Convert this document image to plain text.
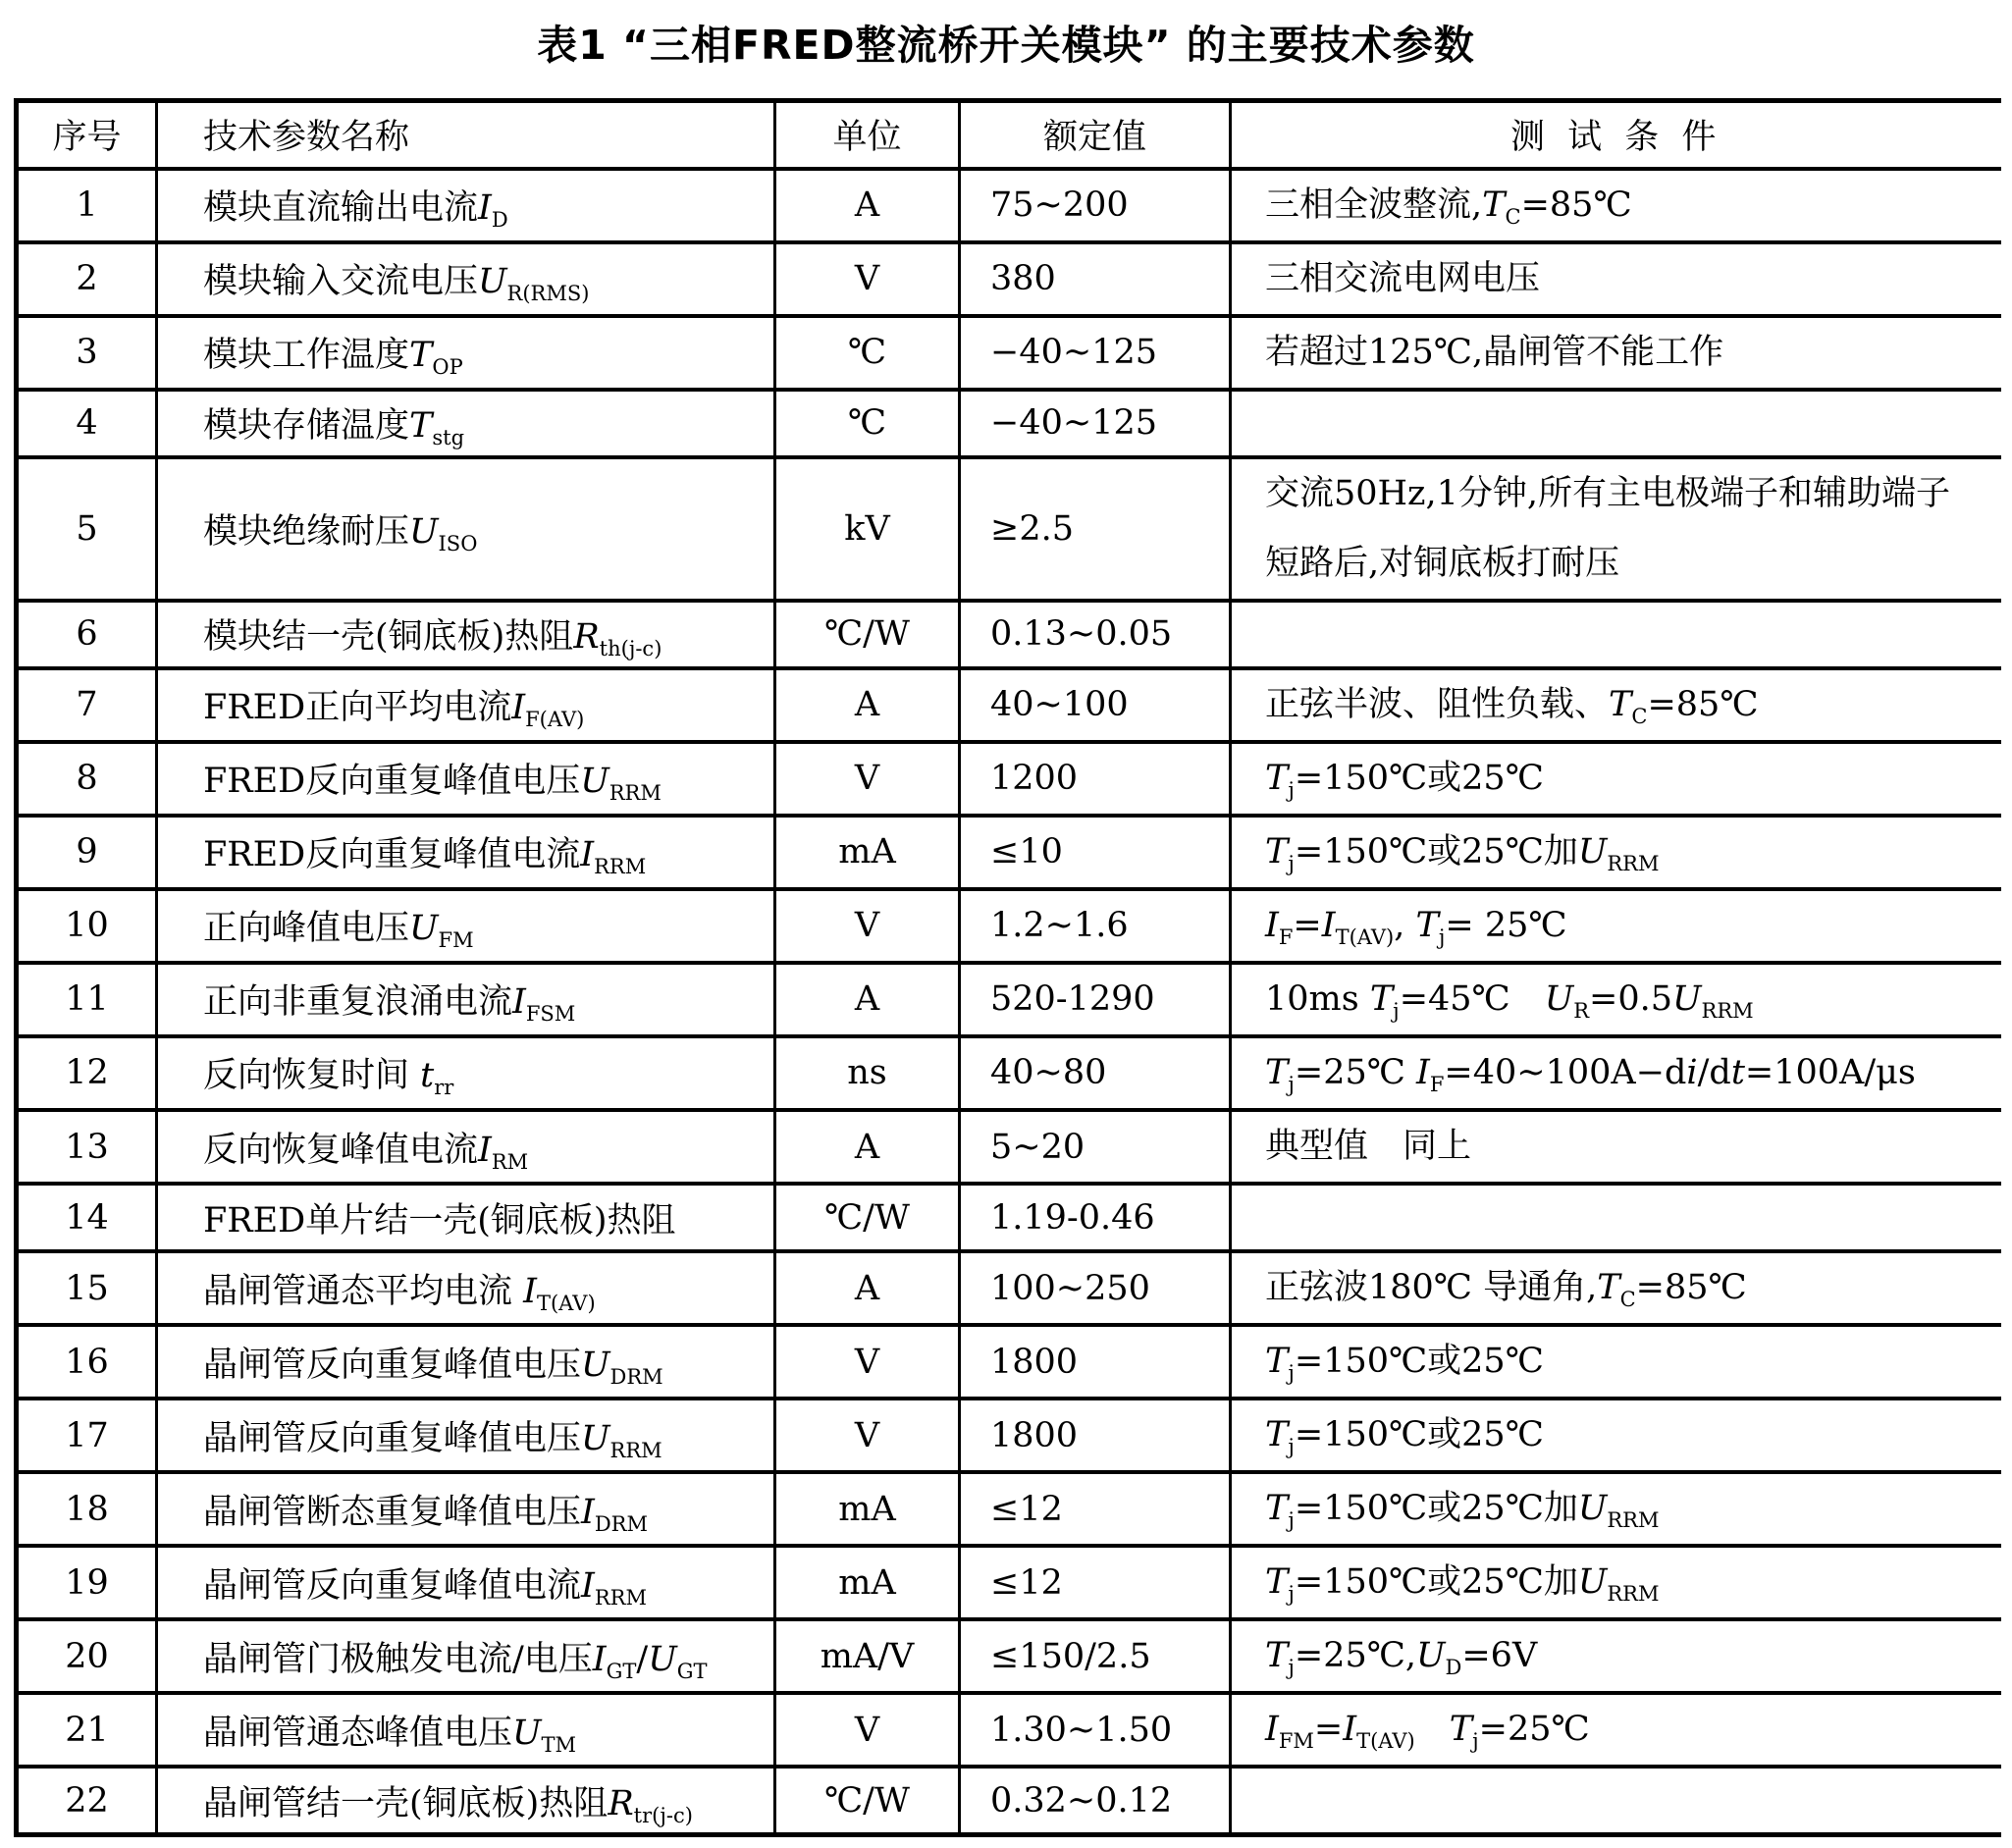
表1 “三相FRED整流桥开关模块” 的主要技术参数
序号	技术参数名称	单位	额定值	测 试 条 件
1	模块直流输出电流$I_D$	A	75~200	三相全波整流$,T_C=85℃$
2	模块输入交流电压$U_{R(RMS)}$	V	380	三相交流电网电压
3	模块工作温度$T_{OP}$	℃	−40~125	若超过125℃,晶闸管不能工作
4	模块存储温度$T_{stg}$	℃	−40~125	
5	模块绝缘耐压$U_{ISO}$	kV	≥2.5	交流50Hz,1分钟,所有主电极端子和辅助端子短路后,对铜底板打耐压
6	模块结一壳(铜底板)热阻$R_{th(j-c)}$	℃/W	0.13~0.05	
7	FRED正向平均电流$I_{F(AV)}$	A	40~100	正弦半波、阻性负载、$T_C=85℃$
8	FRED反向重复峰值电压$U_{RRM}$	V	1200	$T_j=150℃$或25℃
9	FRED反向重复峰值电流$I_{RRM}$	mA	≤10	$T_j=150℃$或25℃加$U_{RRM}$
10	正向峰值电压$U_{FM}$	V	1.2~1.6	$I_F=I_{T(AV)}$, $T_j=$ 25℃
11	正向非重复浪涌电流$I_{FSM}$	A	520-1290	10ms $T_j=45℃$　$U_R=0.5U_{RRM}$
12	反向恢复时间 $t_{rr}$	ns	40~80	$T_j=25℃$ $I_F=40\sim 100A-di/dt=100A/\mu s$
13	反向恢复峰值电流$I_{RM}$	A	5~20	典型值　同上
14	FRED单片结一壳(铜底板)热阻	℃/W	1.19-0.46	
15	晶闸管通态平均电流 $I_{T(AV)}$	A	100~250	正弦波180℃ 导通角$,T_C=85℃$
16	晶闸管反向重复峰值电压$U_{DRM}$	V	1800	$T_j=150℃$或25℃
17	晶闸管反向重复峰值电压$U_{RRM}$	V	1800	$T_j=150℃$或25℃
18	晶闸管断态重复峰值电压$I_{DRM}$	mA	≤12	$T_j=150℃$或25℃加$U_{RRM}$
19	晶闸管反向重复峰值电流$I_{RRM}$	mA	≤12	$T_j=150℃$或25℃加$U_{RRM}$
20	晶闸管门极触发电流/电压$I_{GT}/U_{GT}$	mA/V	≤150/2.5	$T_j=25℃,U_D=6V$
21	晶闸管通态峰值电压$U_{TM}$	V	1.30~1.50	$I_{FM}=I_{T(AV)}$　 $T_j=25℃$
22	晶闸管结一壳(铜底板)热阻$R_{tr(j-c)}$	℃/W	0.32~0.12	
